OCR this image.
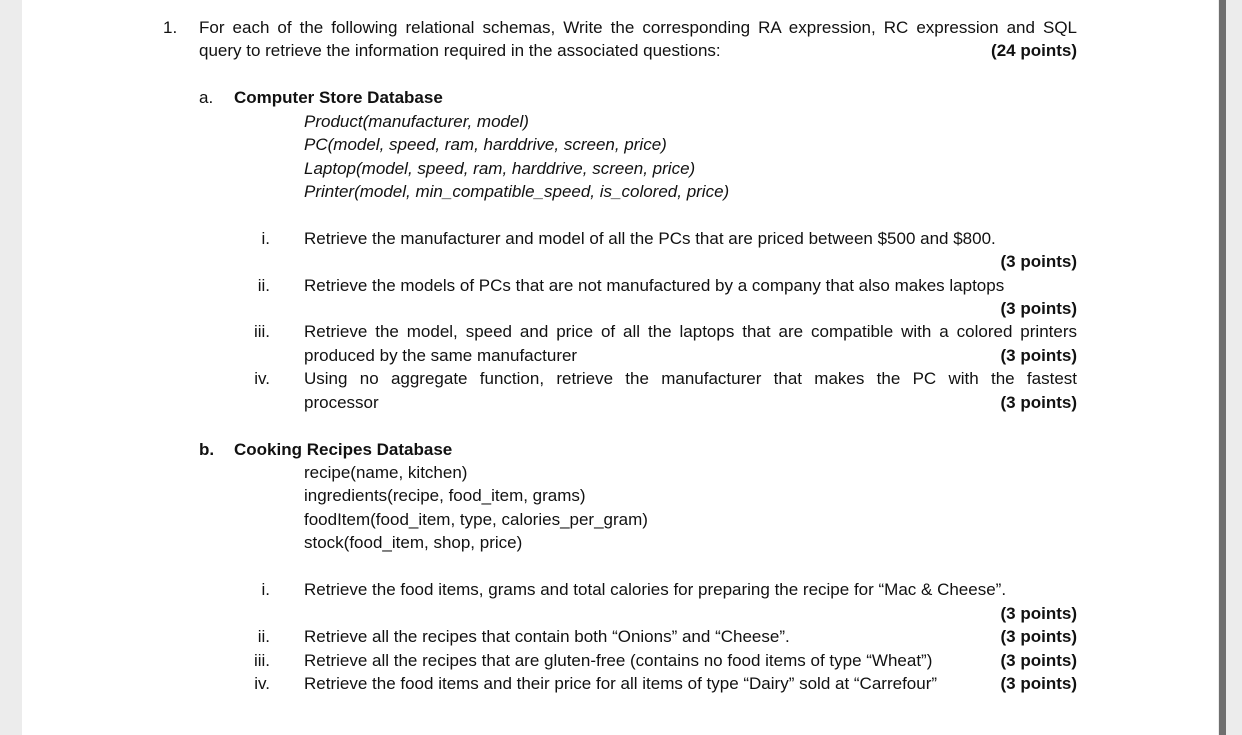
1. For each of the following relational schemas, Write the corresponding RA expression, RC expression and SQL
query to retrieve the information required in the associated questions:	(24 points)
a. Computer Store Database
Product(manufacturer, model)
PC(model, speed, ram, harddrive, screen, price)
Laptop(model, speed, ram, harddrive, screen, price)
Printer(model, min_compatible_speed, is_colored, price)
i. Retrieve the manufacturer and model of all the PCs that are priced between $500 and $800.
(3 points)
ii. Retrieve the models of PCs that are not manufactured by a company that also makes laptops
(3 points)
iii. Retrieve the model, speed and price of all the laptops that are compatible with a colored printers
produced by the same manufacturer	(3 points)
iv. Using no aggregate function, retrieve the manufacturer that makes the PC with the fastest
processor	(3 points)
b. Cooking Recipes Database
recipe(name, kitchen)
ingredients(recipe, food_item, grams)
foodItem(food_item, type, calories_per_gram)
stock(food_item, shop, price)
i. Retrieve the food items, grams and total calories for preparing the recipe for “Mac & Cheese”.
(3 points)
ii. Retrieve all the recipes that contain both “Onions” and “Cheese”.	(3 points)
iii. Retrieve all the recipes that are gluten-free (contains no food items of type “Wheat”)	(3 points)
iv. Retrieve the food items and their price for all items of type “Dairy” sold at “Carrefour”	(3 points)
